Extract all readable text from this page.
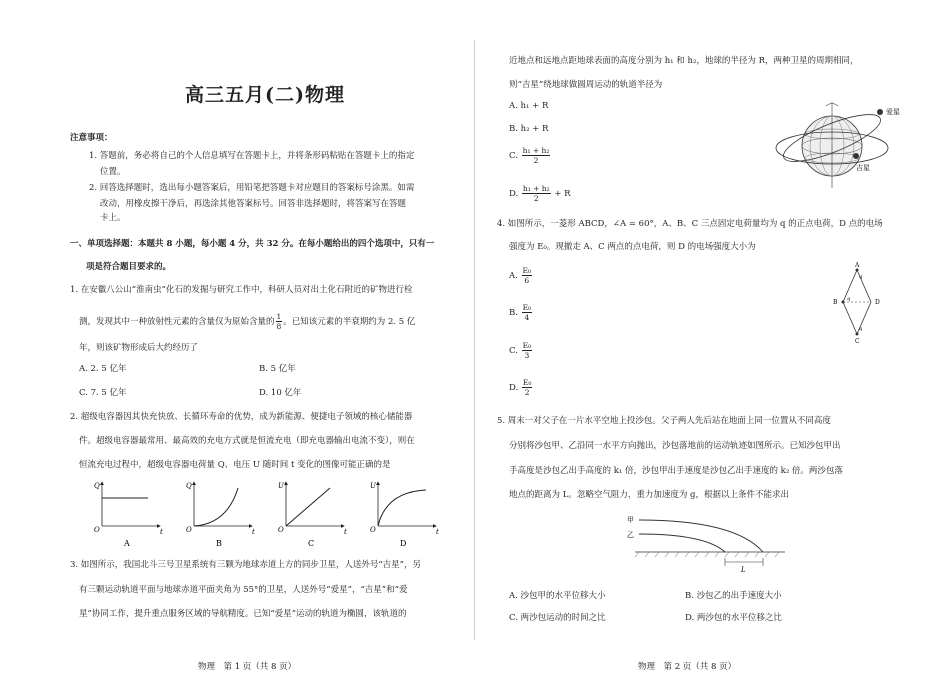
高三五月(二)物理
注意事项：
1. 答题前，务必将自己的个人信息填写在答题卡上，并将条形码粘贴在答题卡上的指定
位置。
2. 回答选择题时，选出每小题答案后，用铅笔把答题卡对应题目的答案标号涂黑。如需
改动，用橡皮擦干净后，再选涂其他答案标号。回答非选择题时，将答案写在答题
卡上。
一、单项选择题：本题共 8 小题，每小题 4 分，共 32 分。在每小题给出的四个选项中，只有一
项是符合题目要求的。
1. 在安徽八公山“淮南虫”化石的发掘与研究工作中，科研人员对出土化石附近的矿物进行检
测，发现其中一种放射性元素的含量仅为原始含量的 $\frac{1}{8}$ 。已知该元素的半衰期约为 2. 5 亿
年，则该矿物形成后大约经历了
A. 2. 5 亿年	B. 5 亿年
C. 7. 5 亿年	D. 10 亿年
2. 超级电容器因其快充快放、长循环寿命的优势，成为新能源、便捷电子领域的核心储能器
件。超级电容器最常用、最高效的充电方式就是恒流充电（即充电器输出电流不变），则在
恒流充电过程中，超级电容器电荷量 Q、电压 U 随时间 t 变化的图像可能正确的是
Q
O	t
A
Q
O	t
B
U
O	t
C
U
O	t
D
3. 如图所示，我国北斗三号卫星系统有三颗为地球赤道上方的同步卫星，人送外号“吉星”，另
有三颗运动轨道平面与地球赤道平面夹角为 55°的卫星，人送外号“爱星”，“吉星”和“爱
星”协同工作，提升重点服务区域的导航精度。已知“爱星”运动的轨道为椭圆，该轨道的
物理　第 1 页（共 8 页）
近地点和远地点距地球表面的高度分别为 h₁ 和 h₂，地球的半径为 R，两种卫星的周期相同，
则“吉星”绕地球做圆周运动的轨道半径为
A. h₁ + R
B. h₂ + R
C. $\frac{\text{h₁ + h₂}}{2}$
D. $\frac{\text{h₁ + h₂}}{2} + R$
爱星
吉星
4. 如图所示，一菱形 ABCD，∠A = 60°，A、B、C 三点固定电荷量均为 q 的正点电荷，D 点的电场
强度为 E₀。现撤走 A、C 两点的点电荷，则 D 的电场强度大小为
A. $\frac{\text{E₀}}{6}$
B. $\frac{\text{E₀}}{4}$
C. $\frac{\text{E₀}}{3}$
D. $\frac{\text{E₀}}{2}$
A
B
C
D
q
q
q
5. 周末一对父子在一片水平空地上投沙包。父子两人先后站在地面上同一位置从不同高度
分别将沙包甲、乙沿同一水平方向抛出，沙包落地前的运动轨迹如图所示。已知沙包甲出
手高度是沙包乙出手高度的 k₁ 倍，沙包甲出手速度是沙包乙出手速度的 k₂ 倍。两沙包落
地点的距离为 L。忽略空气阻力，重力加速度为 g，根据以上条件不能求出
甲
乙
L
A. 沙包甲的水平位移大小	B. 沙包乙的出手速度大小
C. 两沙包运动的时间之比	D. 两沙包的水平位移之比
物理　第 2 页（共 8 页）
